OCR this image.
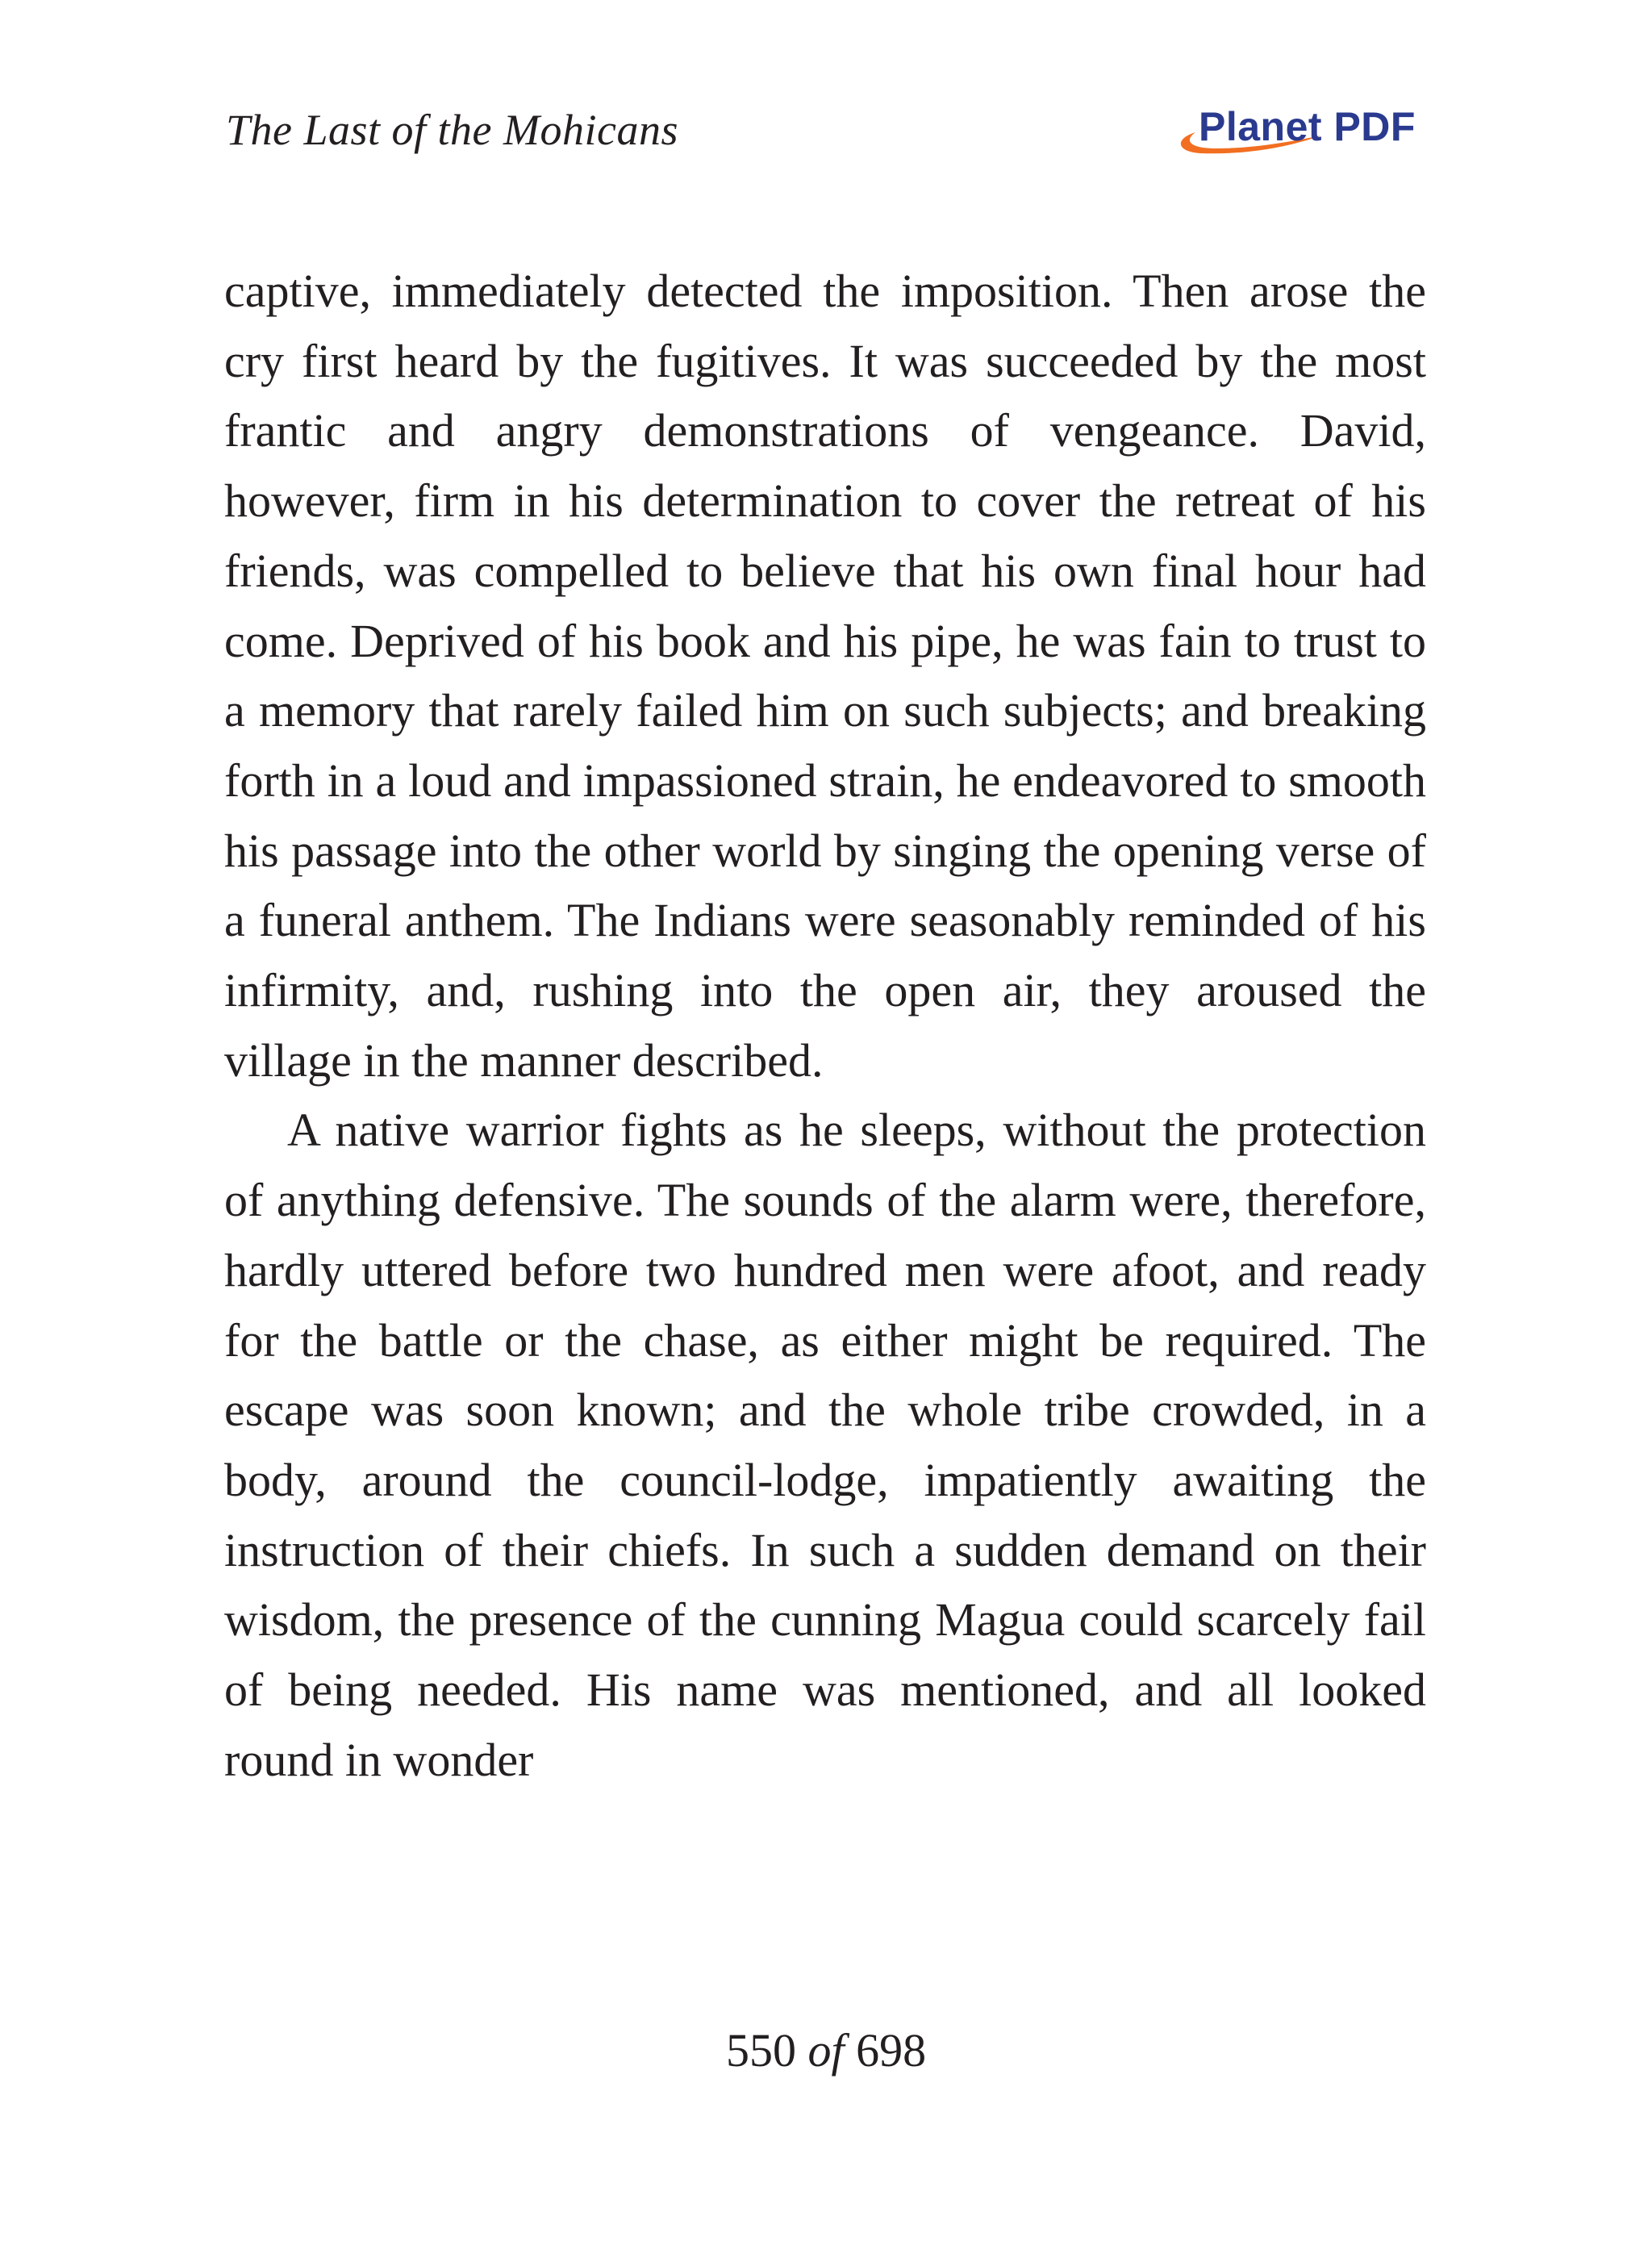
The Last of the Mohicans	Planet PDF

captive, immediately detected the imposition. Then arose the cry first heard by the fugitives. It was succeeded by the most frantic and angry demonstrations of vengeance. David, however, firm in his determination to cover the retreat of his friends, was compelled to believe that his own final hour had come. Deprived of his book and his pipe, he was fain to trust to a memory that rarely failed him on such subjects; and breaking forth in a loud and impassioned strain, he endeavored to smooth his passage into the other world by singing the opening verse of a funeral anthem. The Indians were seasonably reminded of his infirmity, and, rushing into the open air, they aroused the village in the manner described.

A native warrior fights as he sleeps, without the protection of anything defensive. The sounds of the alarm were, therefore, hardly uttered before two hundred men were afoot, and ready for the battle or the chase, as either might be required. The escape was soon known; and the whole tribe crowded, in a body, around the council-lodge, impatiently awaiting the instruction of their chiefs. In such a sudden demand on their wisdom, the presence of the cunning Magua could scarcely fail of being needed. His name was mentioned, and all looked round in wonder

550 of 698
